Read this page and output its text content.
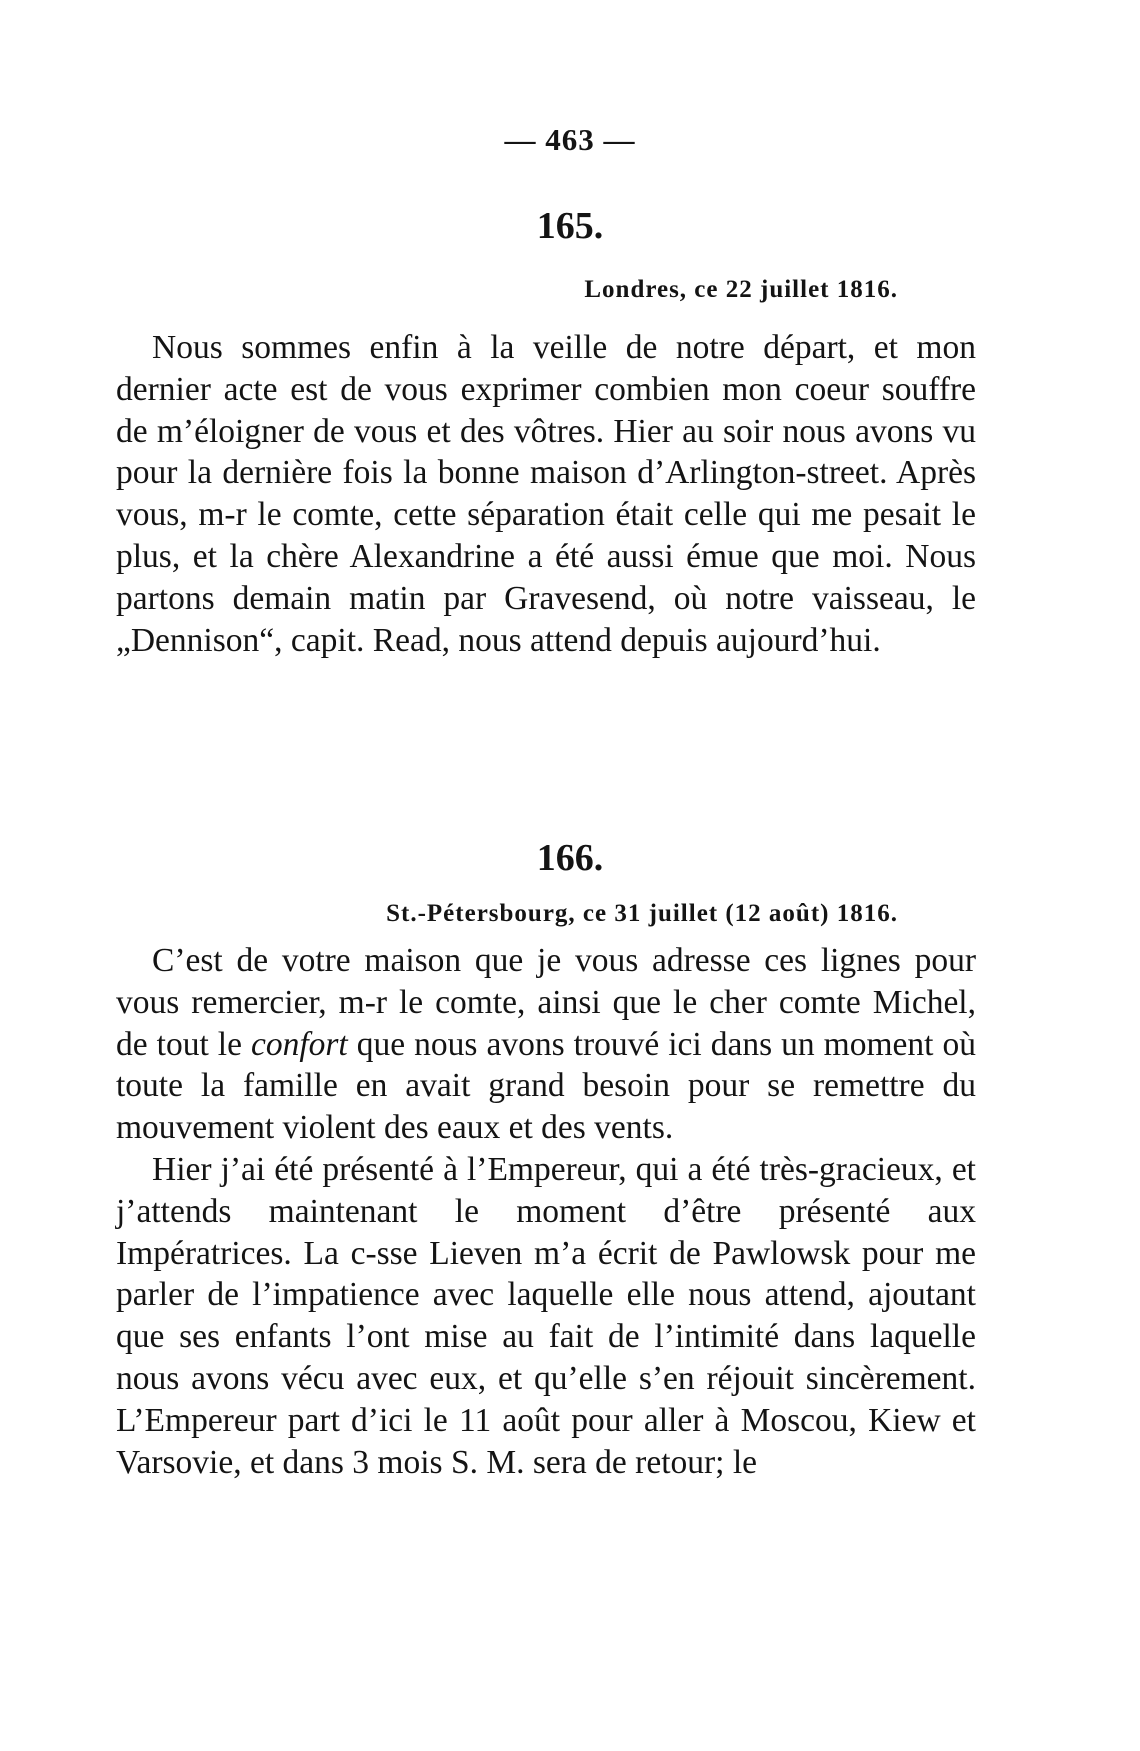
— 463 —
165.
Londres, ce 22 juillet 1816.

Nous sommes enfin à la veille de notre départ, et mon dernier acte est de vous exprimer combien mon coeur souffre de m’éloigner de vous et des vôtres. Hier au soir nous avons vu pour la dernière fois la bonne maison d’Arlington-street. Après vous, m-r le comte, cette séparation était celle qui me pesait le plus, et la chère Alexandrine a été aussi émue que moi. Nous partons demain matin par Gravesend, où notre vaisseau, le „Dennison“, capit. Read, nous attend depuis aujourd’hui.

166.
St.-Pétersbourg, ce 31 juillet (12 août) 1816.

C’est de votre maison que je vous adresse ces lignes pour vous remercier, m-r le comte, ainsi que le cher comte Michel, de tout le confort que nous avons trouvé ici dans un moment où toute la famille en avait grand besoin pour se remettre du mouvement violent des eaux et des vents.

Hier j’ai été présenté à l’Empereur, qui a été très-gracieux, et j’attends maintenant le moment d’être présenté aux Impératrices. La c-sse Lieven m’a écrit de Pawlowsk pour me parler de l’impatience avec laquelle elle nous attend, ajoutant que ses enfants l’ont mise au fait de l’intimité dans laquelle nous avons vécu avec eux, et qu’elle s’en réjouit sincèrement. L’Empereur part d’ici le 11 août pour aller à Moscou, Kiew et Varsovie, et dans 3 mois S. M. sera de retour; le
